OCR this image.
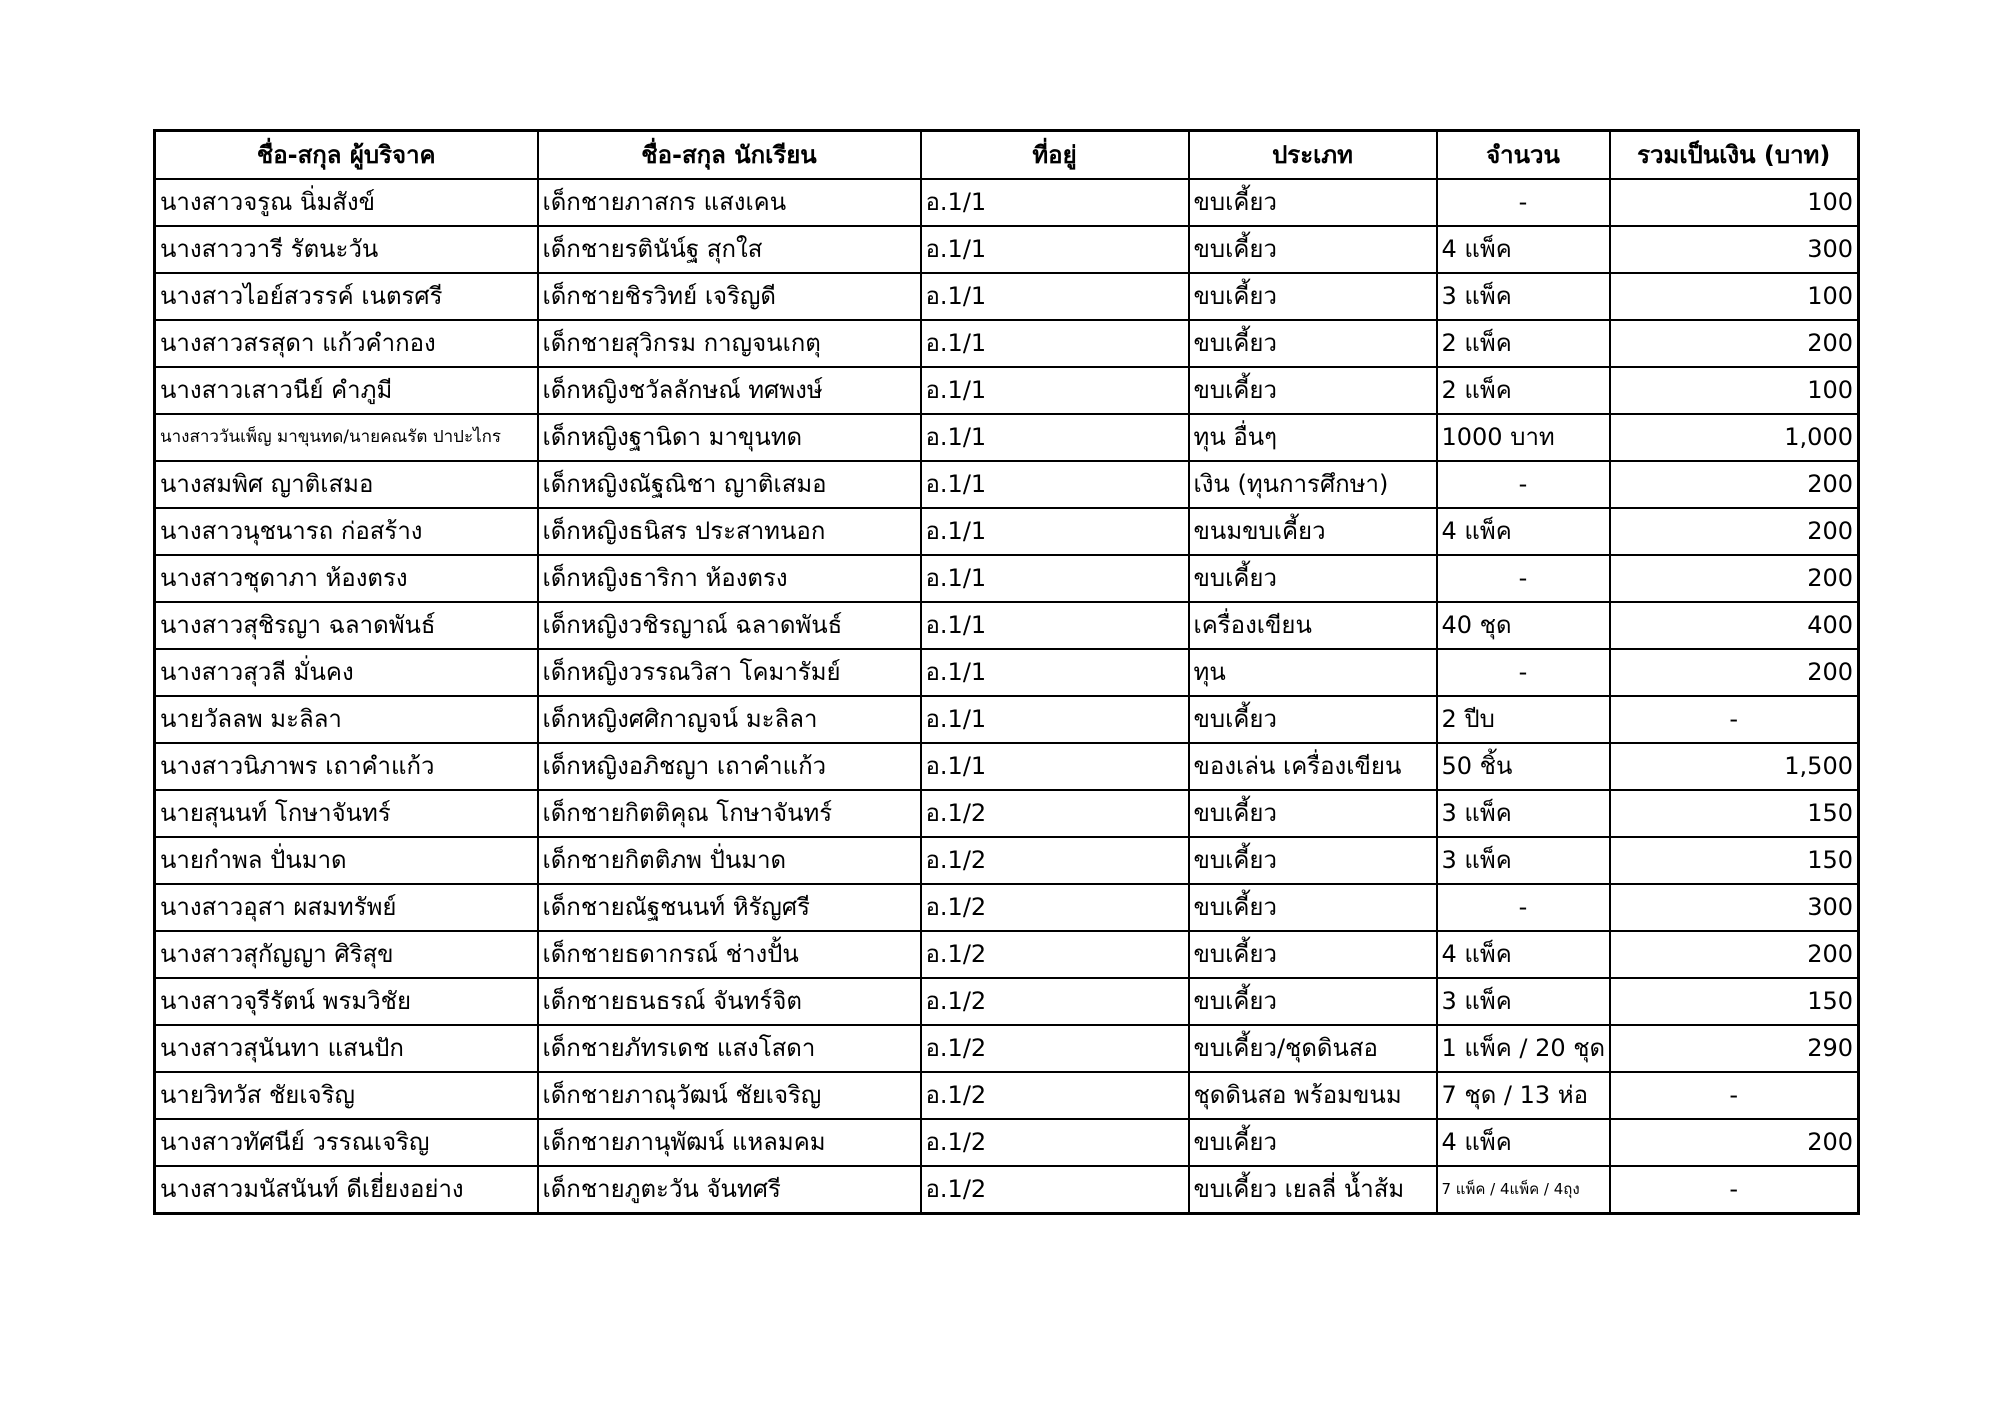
ชื่อ-สกุล ผู้บริจาค	ชื่อ-สกุล นักเรียน	ที่อยู่	ประเภท	จำนวน	รวมเป็นเงิน (บาท)
นางสาวจรูณ นิ่มสังข์	เด็กชายภาสกร แสงเคน	อ.1/1	ขบเคี้ยว	-	100
นางสาววารี รัตนะวัน	เด็กชายรตินัน์ฐ สุกใส	อ.1/1	ขบเคี้ยว	4 แพ็ค	300
นางสาวไอย์สวรรค์ เนตรศรี	เด็กชายชิรวิทย์ เจริญดี	อ.1/1	ขบเคี้ยว	3 แพ็ค	100
นางสาวสรสุดา แก้วคำกอง	เด็กชายสุวิกรม กาญจนเกตุ	อ.1/1	ขบเคี้ยว	2 แพ็ค	200
นางสาวเสาวนีย์ คำภูมี	เด็กหญิงชวัลลักษณ์ ทศพงษ์	อ.1/1	ขบเคี้ยว	2 แพ็ค	100
นางสาววันเพ็ญ มาขุนทด/นายคณรัต ปาปะไกร	เด็กหญิงฐานิดา มาขุนทด	อ.1/1	ทุน อื่นๆ	1000 บาท	1,000
นางสมพิศ ญาติเสมอ	เด็กหญิงณัฐณิชา ญาติเสมอ	อ.1/1	เงิน (ทุนการศึกษา)	-	200
นางสาวนุชนารถ ก่อสร้าง	เด็กหญิงธนิสร ประสาทนอก	อ.1/1	ขนมขบเคี้ยว	4 แพ็ค	200
นางสาวชุดาภา ห้องตรง	เด็กหญิงธาริกา ห้องตรง	อ.1/1	ขบเคี้ยว	-	200
นางสาวสุชิรญา ฉลาดพันธ์	เด็กหญิงวชิรญาณ์ ฉลาดพันธ์	อ.1/1	เครื่องเขียน	40 ชุด	400
นางสาวสุวลี มั่นคง	เด็กหญิงวรรณวิสา โคมารัมย์	อ.1/1	ทุน	-	200
นายวัลลพ มะลิลา	เด็กหญิงศศิกาญจน์ มะลิลา	อ.1/1	ขบเคี้ยว	2 ปีบ	-
นางสาวนิภาพร เถาคำแก้ว	เด็กหญิงอภิชญา เถาคำแก้ว	อ.1/1	ของเล่น เครื่องเขียน	50 ชิ้น	1,500
นายสุนนท์ โกษาจันทร์	เด็กชายกิตติคุณ โกษาจันทร์	อ.1/2	ขบเคี้ยว	3 แพ็ค	150
นายกำพล ปั่นมาด	เด็กชายกิตติภพ ปั่นมาด	อ.1/2	ขบเคี้ยว	3 แพ็ค	150
นางสาวอุสา ผสมทรัพย์	เด็กชายณัฐชนนท์ หิรัญศรี	อ.1/2	ขบเคี้ยว	-	300
นางสาวสุกัญญา ศิริสุข	เด็กชายธดากรณ์ ช่างปั้น	อ.1/2	ขบเคี้ยว	4 แพ็ค	200
นางสาวจุรีรัตน์ พรมวิชัย	เด็กชายธนธรณ์ จันทร์จิต	อ.1/2	ขบเคี้ยว	3 แพ็ค	150
นางสาวสุนันทา แสนปัก	เด็กชายภัทรเดช แสงโสดา	อ.1/2	ขบเคี้ยว/ชุดดินสอ	1 แพ็ค / 20 ชุด	290
นายวิทวัส ชัยเจริญ	เด็กชายภาณุวัฒน์ ชัยเจริญ	อ.1/2	ชุดดินสอ พร้อมขนม	7 ชุด / 13 ห่อ	-
นางสาวทัศนีย์ วรรณเจริญ	เด็กชายภานุพัฒน์ แหลมคม	อ.1/2	ขบเคี้ยว	4 แพ็ค	200
นางสาวมนัสนันท์ ดีเยี่ยงอย่าง	เด็กชายภูตะวัน จันทศรี	อ.1/2	ขบเคี้ยว เยลลี่ น้ำส้ม	7 แพ็ค / 4แพ็ค / 4ถุง	-
